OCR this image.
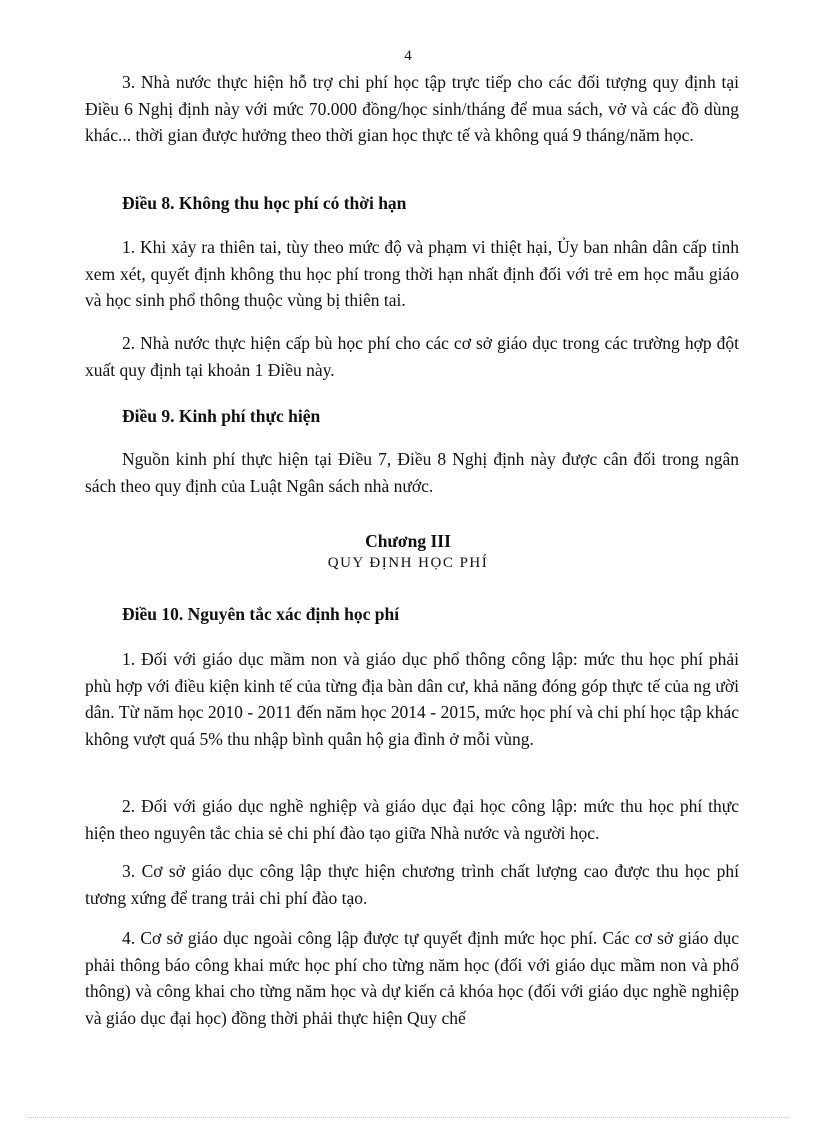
4

3. Nhà nước thực hiện hỗ trợ chi phí học tập trực tiếp cho các đối tượng quy định tại Điều 6 Nghị định này với mức 70.000 đồng/học sinh/tháng để mua sách, vở và các đồ dùng khác... thời gian được hưởng theo thời gian học thực tế và không quá 9 tháng/năm học.

Điều 8. Không thu học phí có thời hạn

1. Khi xảy ra thiên tai, tùy theo mức độ và phạm vi thiệt hại, Ủy ban nhân dân cấp tỉnh xem xét, quyết định không thu học phí trong thời hạn nhất định đối với trẻ em học mẫu giáo và học sinh phổ thông thuộc vùng bị thiên tai.

2. Nhà nước thực hiện cấp bù học phí cho các cơ sở giáo dục trong các trường hợp đột xuất quy định tại khoản 1 Điều này.

Điều 9. Kinh phí thực hiện

Nguồn kinh phí thực hiện tại Điều 7, Điều 8 Nghị định này được cân đối trong ngân sách theo quy định của Luật Ngân sách nhà nước.

Chương III
QUY ĐỊNH HỌC PHÍ
Điều 10. Nguyên tắc xác định học phí

1. Đối với giáo dục mầm non và giáo dục phổ thông công lập: mức thu học phí phải phù hợp với điều kiện kinh tế của từng địa bàn dân cư, khả năng đóng góp thực tế của ng ười dân. Từ năm học 2010 - 2011 đến năm học 2014 - 2015, mức học phí và chi phí học tập khác không vượt quá 5% thu nhập bình quân hộ gia đình ở mỗi vùng.

2. Đối với giáo dục nghề nghiệp và giáo dục đại học công lập: mức thu học phí thực hiện theo nguyên tắc chia sẻ chi phí đào tạo giữa Nhà nước và người học.

3. Cơ sở giáo dục công lập thực hiện chương trình chất lượng cao được thu học phí tương xứng để trang trải chi phí đào tạo.

4. Cơ sở giáo dục ngoài công lập được tự quyết định mức học phí. Các cơ sở giáo dục phải thông báo công khai mức học phí cho từng năm học (đối với giáo dục mầm non và phổ thông) và công khai cho từng năm học và dự kiến cả khóa học (đối với giáo dục nghề nghiệp và giáo dục đại học) đồng thời phải thực hiện Quy chế
